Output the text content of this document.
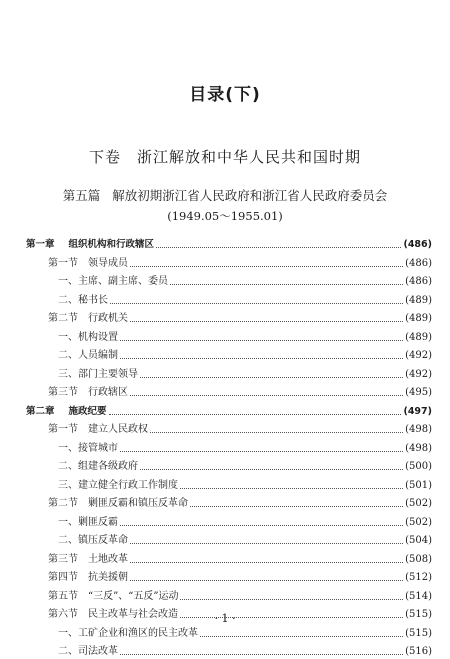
目录(下)
下卷 浙江解放和中华人民共和国时期
第五篇 解放初期浙江省人民政府和浙江省人民政府委员会
(1949.05～1955.01)
第一章 组织机构和行政辖区	(486)
第一节 领导成员	(486)
一、主席、副主席、委员	(486)
二、秘书长	(489)
第二节 行政机关	(489)
一、机构设置	(489)
二、人员编制	(492)
三、部门主要领导	(492)
第三节 行政辖区	(495)
第二章 施政纪要	(497)
第一节 建立人民政权	(498)
一、接管城市	(498)
二、组建各级政府	(500)
三、建立健全行政工作制度	(501)
第二节 剿匪反霸和镇压反革命	(502)
一、剿匪反霸	(502)
二、镇压反革命	(504)
第三节 土地改革	(508)
第四节 抗美援朝	(512)
第五节 “三反”、“五反”运动	(514)
第六节 民主改革与社会改造	(515)
一、工矿企业和渔区的民主改革	(515)
二、司法改革	(516)
· 1 ·
